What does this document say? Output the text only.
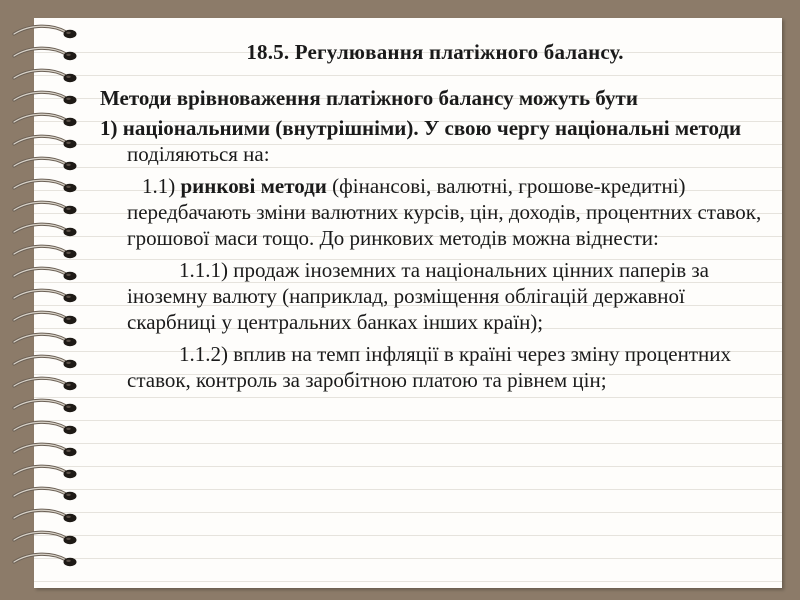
18.5. Регулювання платіжного балансу.

Методи врівноваження платіжного балансу можуть бути

1) національними (внутрішніми). У свою чергу національні методи поділяються на:

1.1) ринкові методи (фінансові, валютні, грошове-кредитні) передбачають зміни валютних курсів, цін, доходів, процентних ставок, грошової маси тощо. До ринкових методів можна віднести:

1.1.1) продаж іноземних та національних цінних паперів за іноземну валюту (наприклад, розміщення облігацій державної скарбниці у центральних банках інших країн);

1.1.2) вплив на темп інфляції в країні через зміну процентних ставок, контроль за заробітною платою та рівнем цін;
